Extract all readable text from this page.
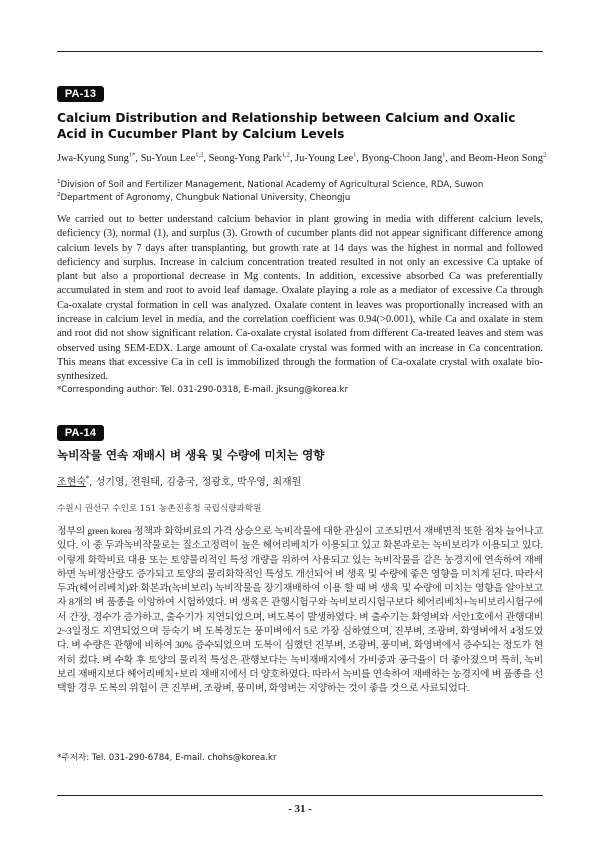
PA-13
Calcium Distribution and Relationship between Calcium and Oxalic Acid in Cucumber Plant by Calcium Levels
Jwa-Kyung Sung$^{1*}$, Su-Youn Lee$^{1,2}$, Seong-Yong Park$^{1,2}$, Ju-Young Lee$^1$, Byong-Choon Jang$^1$, and Beom-Heon Song$^2$
$^1$Division of Soil and Fertilizer Management, National Academy of Agricultural Science, RDA, Suwon
$^2$Department of Agronomy, Chungbuk National University, Cheongju

We carried out to better understand calcium behavior in plant growing in media with different calcium levels, deficiency (3), normal (1), and surplus (3). Growth of cucumber plants did not appear significant difference among calcium levels by 7 days after transplanting, but growth rate at 14 days was the highest in normal and followed deficiency and surplus. Increase in calcium concentration treated resulted in not only an excessive Ca uptake of plant but also a proportional decrease in Mg contents. In addition, excessive absorbed Ca was preferentially accumulated in stem and root to avoid leaf damage. Oxalate playing a role as a mediator of excessive Ca through Ca-oxalate crystal formation in cell was analyzed. Oxalate content in leaves was proportionally increased with an increase in calcium level in media, and the correlation coefficient was 0.94(>0.001), while Ca and oxalate in stem and root did not show significant relation. Ca-oxalate crystal isolated from different Ca-treated leaves and stem was observed using SEM-EDX. Large amount of Ca-oxalate crystal was formed with an increase in Ca concentration. This means that excessive Ca in cell is immobilized through the formation of Ca-oxalate crystal with oxalate bio-synthesized.

*Corresponding author: Tel. 031-290-0318, E-mail. jksung@korea.kr
PA-14
녹비작물 연속 재배시 벼 생육 및 수량에 미치는 영향
조현숙*, 성기영, 전원태, 김충국, 정광호, 박우영, 최재원
수원시 권선구 수인로 151 농촌진흥청 국립식량과학원

정부의 green korea 정책과 화학비료의 가격 상승으로 녹비작물에 대한 관심이 고조되면서 재배면적 또한 점차 늘어나고 있다. 이 중 두과녹비작물로는 질소고정력이 높은 헤어리베치가 이용되고 있고 화본과로는 녹비보리가 이용되고 있다. 이렇게 화학비료 대용 또는 토양물리적인 특성 개량을 위하여 사용되고 있는 녹비작물을 같은 농경지에 연속하여 재배하면 녹비생산량도 증가되고 토양의 물리화학적인 특성도 개선되어 벼 생육 및 수량에 좋은 영향을 미치게 된다. 따라서 두과(헤어리베치)와 화본과(녹비보리) 녹비작물을 장기재배하여 이용 할 때 벼 생육 및 수량에 미치는 영향을 알아보고자 8개의 벼 품종을 이앙하여 시험하였다. 벼 생육은 관행시험구와 녹비보리시험구보다 헤어리베치+녹비보리시험구에서 간장, 경수가 증가하고, 출수기가 지연되었으며, 벼도복이 발생하였다. 벼 출수기는 화영벼와 서안1호에서 관행대비 2~3일정도 지연되었으며 등숙기 벼 도복정도는 풍미벼에서 5로 가장 심하였으며, 진부벼, 조광벼, 화영벼에서 4정도였다. 벼 수량은 관행에 비하여 30% 증수되었으며 도복이 심했던 진부벼, 조광벼, 풍미벼, 화영벼에서 증수되는 정도가 현저히 컸다. 벼 수확 후 토양의 물리적 특성은 관행보다는 녹비재배지에서 가비중과 공극율이 더 좋아졌으며 특히, 녹비보리 재배지보다 헤어리베치+보리 재배지에서 더 양호하였다. 따라서 녹비를 연속하여 재배하는 농경지에 벼 품종을 선택할 경우 도복의 위험이 큰 진부벼, 조광벼, 풍미벼, 화영벼는 지양하는 것이 좋을 것으로 사료되었다.

*주저자: Tel. 031-290-6784, E-mail. chohs@korea.kr
- 31 -
